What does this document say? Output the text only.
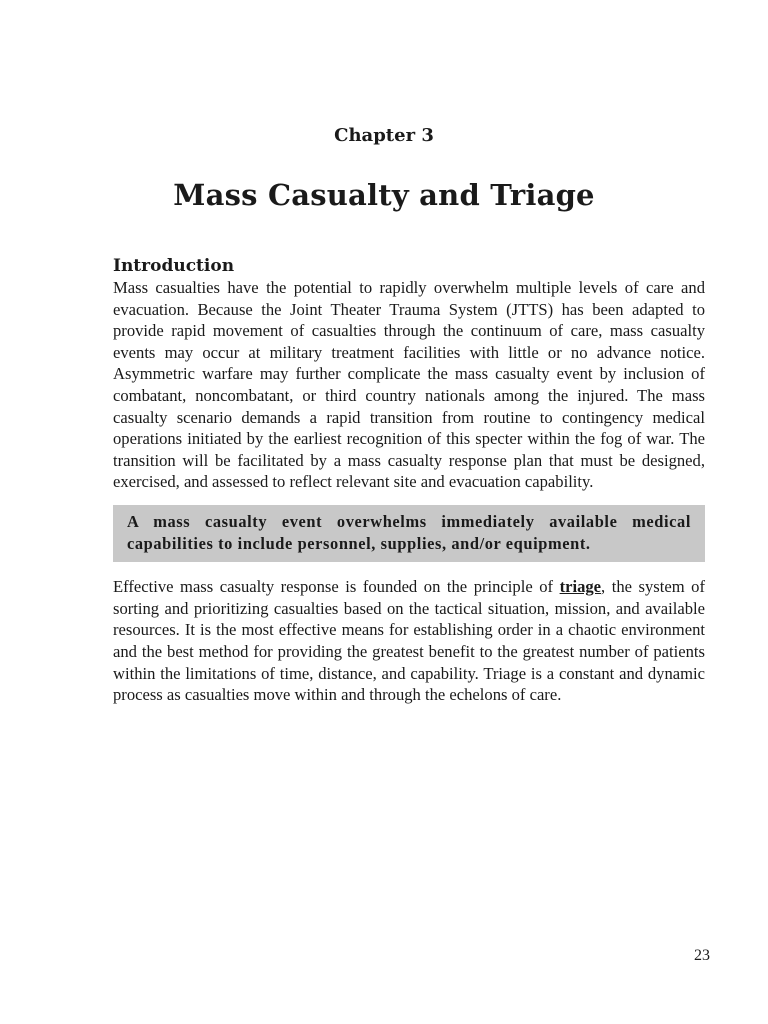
Chapter 3
Mass Casualty and Triage

Introduction

Mass casualties have the potential to rapidly overwhelm multiple levels of care and evacuation. Because the Joint Theater Trauma System (JTTS) has been adapted to provide rapid movement of casualties through the continuum of care, mass casualty events may occur at military treatment facilities with little or no advance notice. Asymmetric warfare may further complicate the mass casualty event by inclusion of combatant, noncombatant, or third country nationals among the injured. The mass casualty scenario demands a rapid transition from routine to contingency medical operations initiated by the earliest recognition of this specter within the fog of war. The transition will be facilitated by a mass casualty response plan that must be designed, exercised, and assessed to reflect relevant site and evacuation capability.

A mass casualty event overwhelms immediately available medical capabilities to include personnel, supplies, and/or equipment.

Effective mass casualty response is founded on the principle of triage, the system of sorting and prioritizing casualties based on the tactical situation, mission, and available resources. It is the most effective means for establishing order in a chaotic environment and the best method for providing the greatest benefit to the greatest number of patients within the limitations of time, distance, and capability. Triage is a constant and dynamic process as casualties move within and through the echelons of care.

23
